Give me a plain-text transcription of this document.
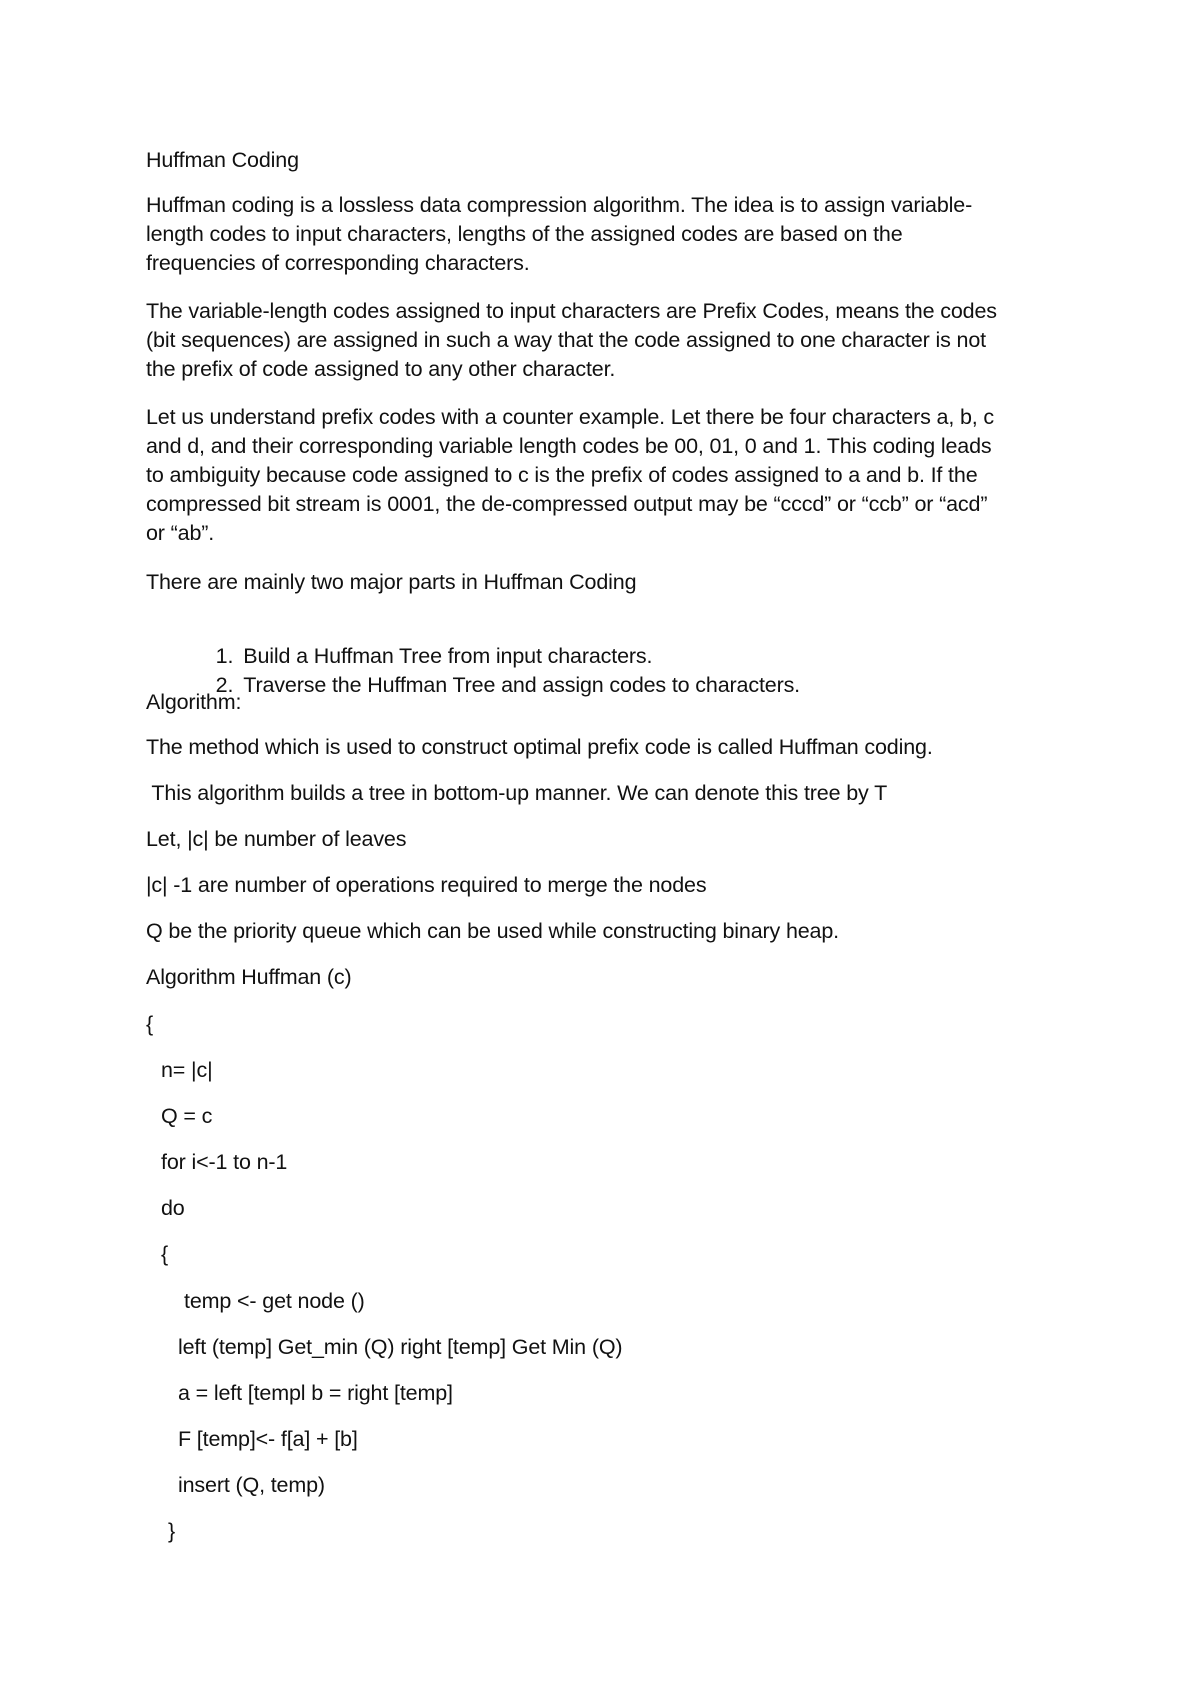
Huffman Coding
Huffman coding is a lossless data compression algorithm. The idea is to assign variable-
length codes to input characters, lengths of the assigned codes are based on the
frequencies of corresponding characters.
The variable-length codes assigned to input characters are Prefix Codes, means the codes
(bit sequences) are assigned in such a way that the code assigned to one character is not
the prefix of code assigned to any other character.
Let us understand prefix codes with a counter example. Let there be four characters a, b, c
and d, and their corresponding variable length codes be 00, 01, 0 and 1. This coding leads
to ambiguity because code assigned to c is the prefix of codes assigned to a and b. If the
compressed bit stream is 0001, the de-compressed output may be “cccd” or “ccb” or “acd”
or “ab”.
There are mainly two major parts in Huffman Coding

1. Build a Huffman Tree from input characters.

2. Traverse the Huffman Tree and assign codes to characters.

Algorithm:
The method which is used to construct optimal prefix code is called Huffman coding.
This algorithm builds a tree in bottom-up manner. We can denote this tree by T
Let, |c| be number of leaves
|c| -1 are number of operations required to merge the nodes
Q be the priority queue which can be used while constructing binary heap.
Algorithm Huffman (c)
{
n= |c|
Q = c
for i<-1 to n-1
do
{
temp <- get node ()
left (temp] Get_min (Q) right [temp] Get Min (Q)
a = left [templ b = right [temp]
F [temp]<- f[a] + [b]
insert (Q, temp)
}
